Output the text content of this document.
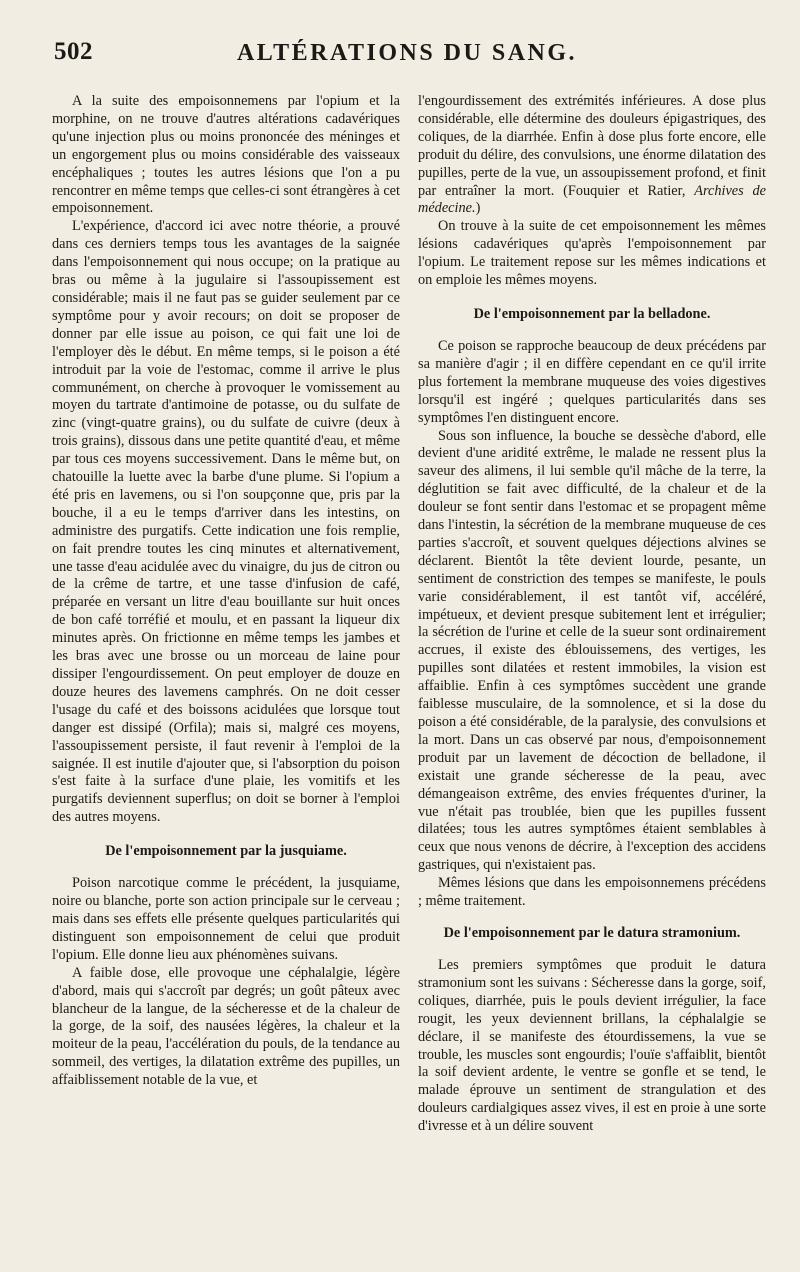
502	ALTÉRATIONS DU SANG.

A la suite des empoisonnemens par l'opium et la morphine, on ne trouve d'autres altérations cadavériques qu'une injection plus ou moins prononcée des méninges et un engorgement plus ou moins considérable des vaisseaux encéphaliques ; toutes les autres lésions que l'on a pu rencontrer en même temps que celles-ci sont étrangères à cet empoisonnement.

L'expérience, d'accord ici avec notre théorie, a prouvé dans ces derniers temps tous les avantages de la saignée dans l'empoisonnement qui nous occupe; on la pratique au bras ou même à la jugulaire si l'assoupissement est considérable; mais il ne faut pas se guider seulement par ce symptôme pour y avoir recours; on doit se proposer de donner par elle issue au poison, ce qui fait une loi de l'employer dès le début. En même temps, si le poison a été introduit par la voie de l'estomac, comme il arrive le plus communément, on cherche à provoquer le vomissement au moyen du tartrate d'antimoine de potasse, ou du sulfate de zinc (vingt-quatre grains), ou du sulfate de cuivre (deux à trois grains), dissous dans une petite quantité d'eau, et même par tous ces moyens successivement. Dans le même but, on chatouille la luette avec la barbe d'une plume. Si l'opium a été pris en lavemens, ou si l'on soupçonne que, pris par la bouche, il a eu le temps d'arriver dans les intestins, on administre des purgatifs. Cette indication une fois remplie, on fait prendre toutes les cinq minutes et alternativement, une tasse d'eau acidulée avec du vinaigre, du jus de citron ou de la crême de tartre, et une tasse d'infusion de café, préparée en versant un litre d'eau bouillante sur huit onces de bon café torréfié et moulu, et en passant la liqueur dix minutes après. On frictionne en même temps les jambes et les bras avec une brosse ou un morceau de laine pour dissiper l'engourdissement. On peut employer de douze en douze heures des lavemens camphrés. On ne doit cesser l'usage du café et des boissons acidulées que lorsque tout danger est dissipé (Orfila); mais si, malgré ces moyens, l'assoupissement persiste, il faut revenir à l'emploi de la saignée. Il est inutile d'ajouter que, si l'absorption du poison s'est faite à la surface d'une plaie, les vomitifs et les purgatifs deviennent superflus; on doit se borner à l'emploi des autres moyens.

De l'empoisonnement par la jusquiame.

Poison narcotique comme le précédent, la jusquiame, noire ou blanche, porte son action principale sur le cerveau ; mais dans ses effets elle présente quelques particularités qui distinguent son empoisonnement de celui que produit l'opium. Elle donne lieu aux phénomènes suivans.

A faible dose, elle provoque une céphalalgie, légère d'abord, mais qui s'accroît par degrés; un goût pâteux avec blancheur de la langue, de la sécheresse et de la chaleur de la gorge, de la soif, des nausées légères, la chaleur et la moiteur de la peau, l'accélération du pouls, de la tendance au sommeil, des vertiges, la dilatation extrême des pupilles, un affaiblissement notable de la vue, et

l'engourdissement des extrémités inférieures. A dose plus considérable, elle détermine des douleurs épigastriques, des coliques, de la diarrhée. Enfin à dose plus forte encore, elle produit du délire, des convulsions, une énorme dilatation des pupilles, perte de la vue, un assoupissement profond, et finit par entraîner la mort. (Fouquier et Ratier, Archives de médecine.)

On trouve à la suite de cet empoisonnement les mêmes lésions cadavériques qu'après l'empoisonnement par l'opium. Le traitement repose sur les mêmes indications et on emploie les mêmes moyens.

De l'empoisonnement par la belladone.

Ce poison se rapproche beaucoup de deux précédens par sa manière d'agir ; il en diffère cependant en ce qu'il irrite plus fortement la membrane muqueuse des voies digestives lorsqu'il est ingéré ; quelques particularités dans ses symptômes l'en distinguent encore.

Sous son influence, la bouche se dessèche d'abord, elle devient d'une aridité extrême, le malade ne ressent plus la saveur des alimens, il lui semble qu'il mâche de la terre, la déglutition se fait avec difficulté, de la chaleur et de la douleur se font sentir dans l'estomac et se propagent même dans l'intestin, la sécrétion de la membrane muqueuse de ces parties s'accroît, et souvent quelques déjections alvines se déclarent. Bientôt la tête devient lourde, pesante, un sentiment de constriction des tempes se manifeste, le pouls varie considérablement, il est tantôt vif, accéléré, impétueux, et devient presque subitement lent et irrégulier; la sécrétion de l'urine et celle de la sueur sont ordinairement accrues, il existe des éblouissemens, des vertiges, les pupilles sont dilatées et restent immobiles, la vision est affaiblie. Enfin à ces symptômes succèdent une grande faiblesse musculaire, de la somnolence, et si la dose du poison a été considérable, de la paralysie, des convulsions et la mort. Dans un cas observé par nous, d'empoisonnement produit par un lavement de décoction de belladone, il existait une grande sécheresse de la peau, avec démangeaison extrême, des envies fréquentes d'uriner, la vue n'était pas troublée, bien que les pupilles fussent dilatées; tous les autres symptômes étaient semblables à ceux que nous venons de décrire, à l'exception des accidens gastriques, qui n'existaient pas.

Mêmes lésions que dans les empoisonnemens précédens ; même traitement.

De l'empoisonnement par le datura stramonium.

Les premiers symptômes que produit le datura stramonium sont les suivans : Sécheresse dans la gorge, soif, coliques, diarrhée, puis le pouls devient irrégulier, la face rougit, les yeux deviennent brillans, la céphalalgie se déclare, il se manifeste des étourdissemens, la vue se trouble, les muscles sont engourdis; l'ouïe s'affaiblit, bientôt la soif devient ardente, le ventre se gonfle et se tend, le malade éprouve un sentiment de strangulation et des douleurs cardialgiques assez vives, il est en proie à une sorte d'ivresse et à un délire souvent
